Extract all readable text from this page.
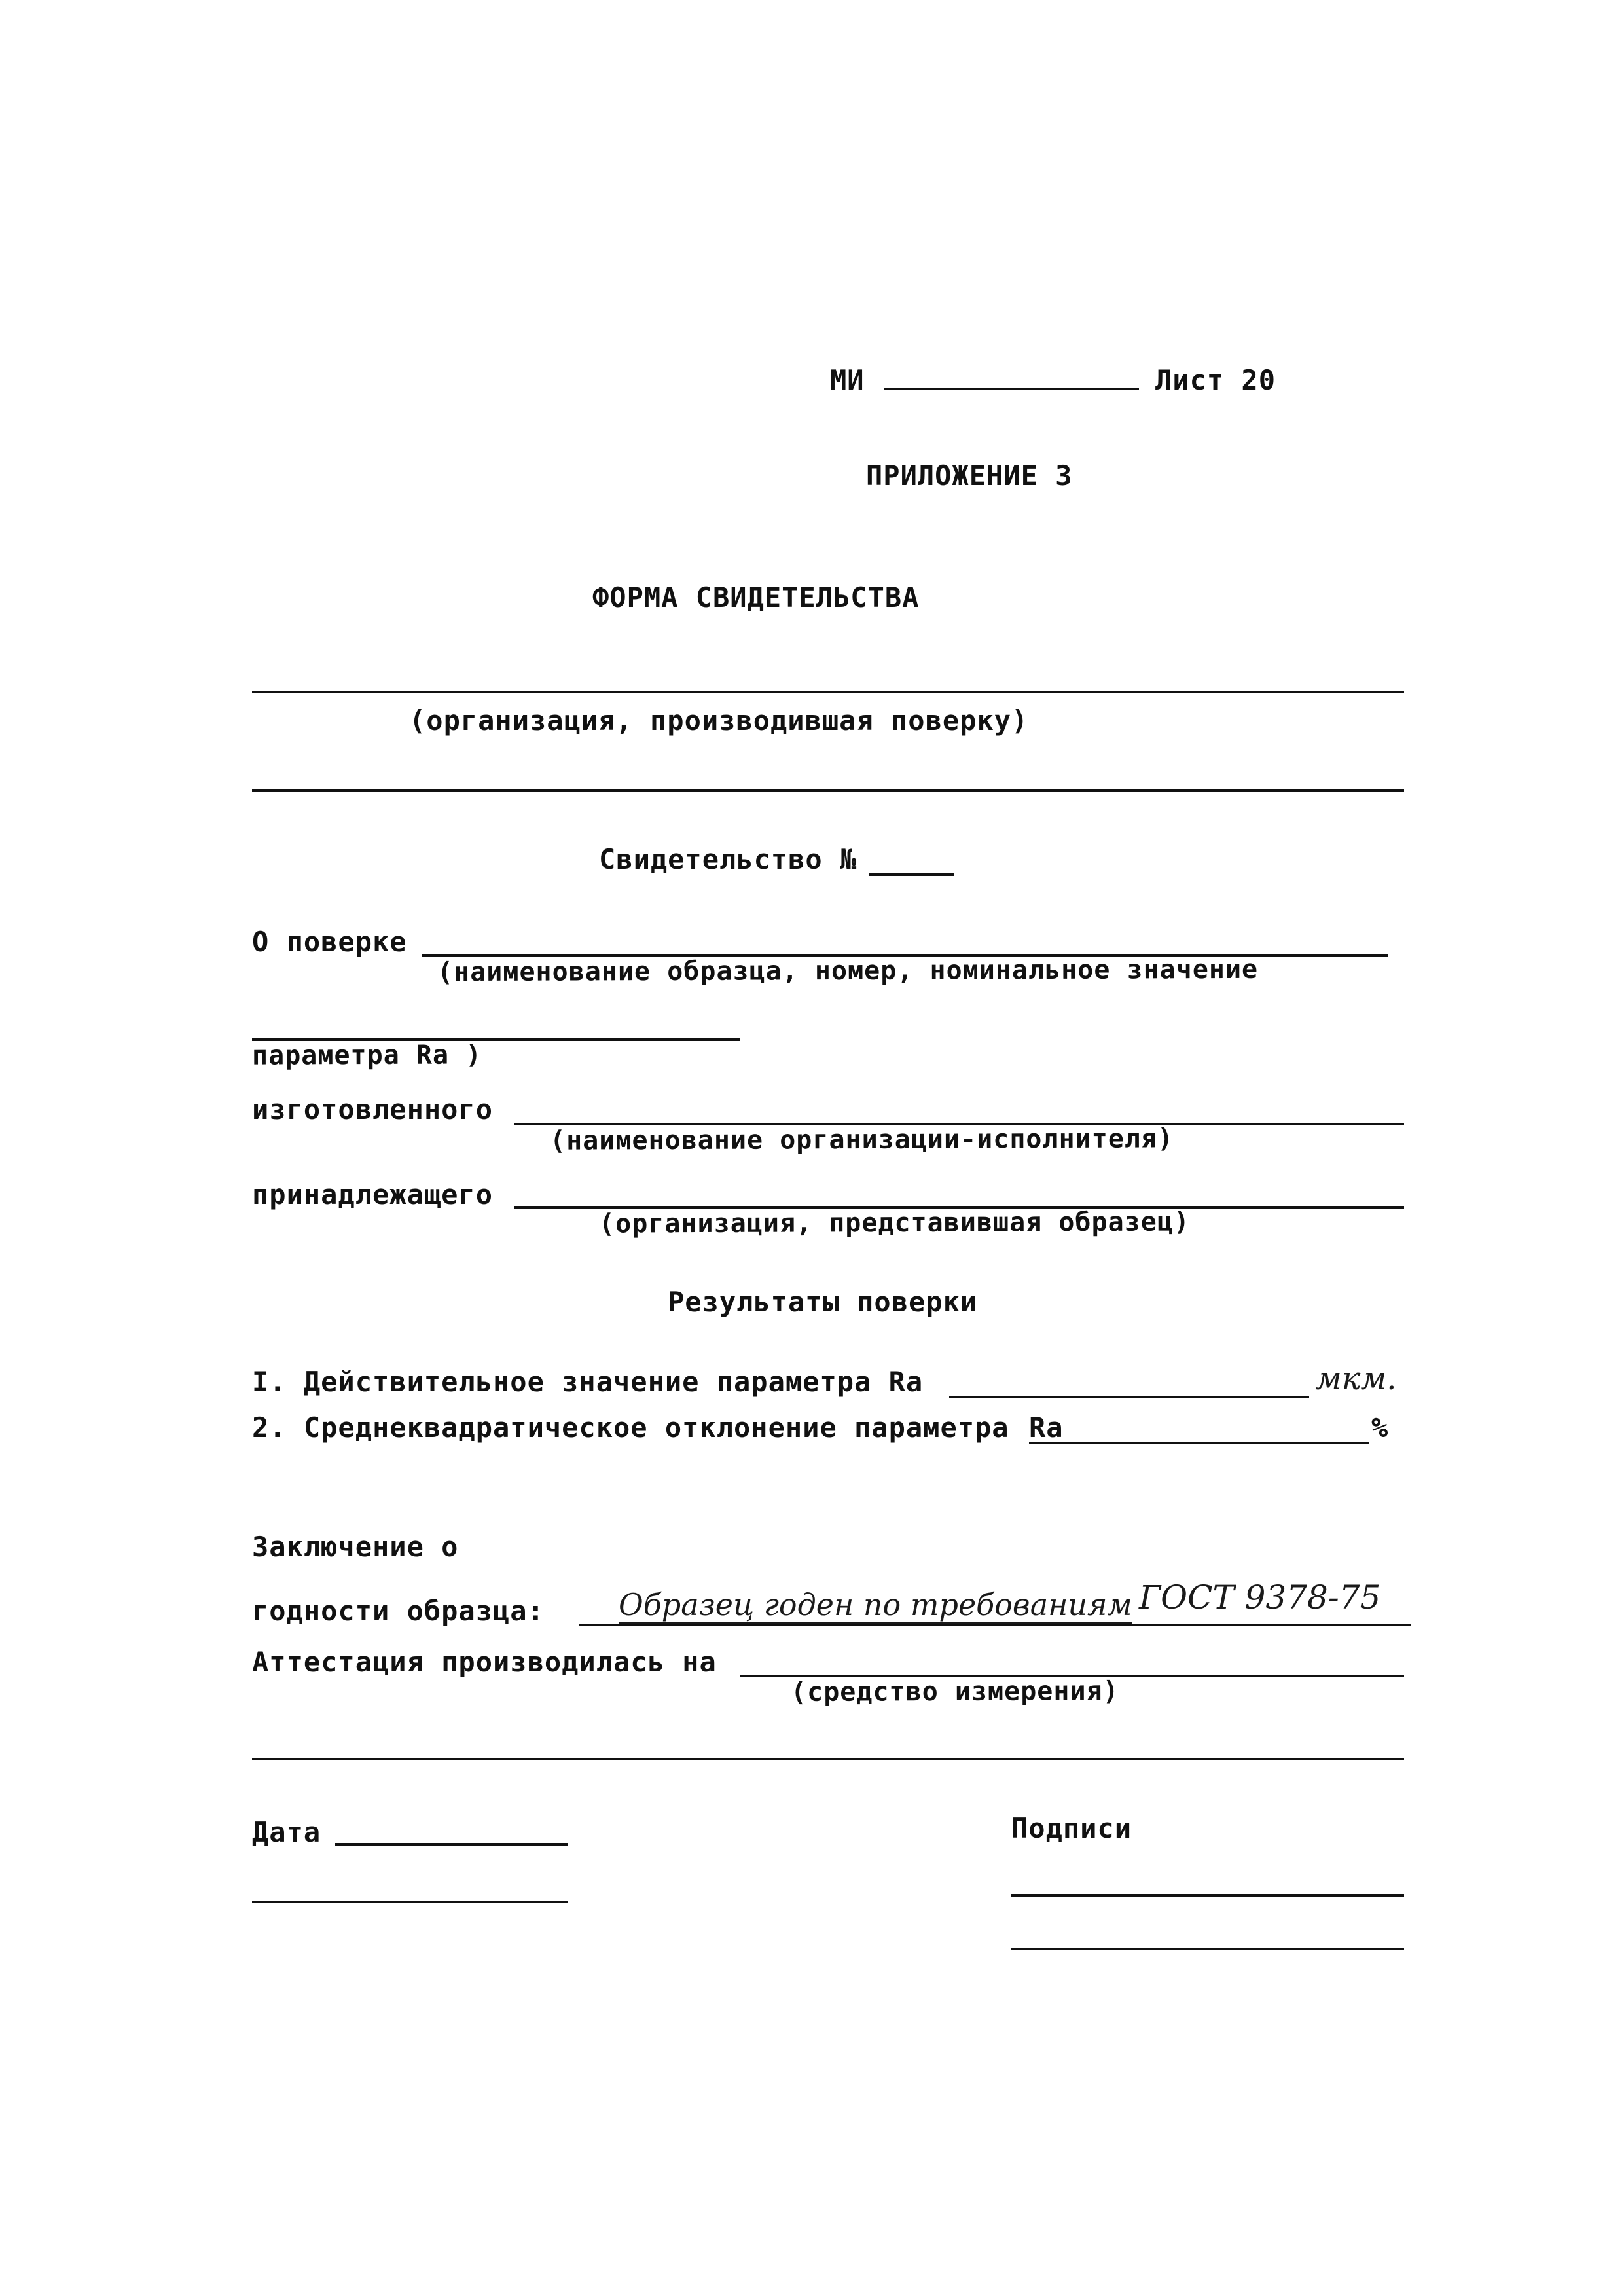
МИ	Лист 20
ПРИЛОЖЕНИЕ 3
ФОРМА СВИДЕТЕЛЬСТВА
(организация, производившая поверку)
Свидетельство №
О поверке
(наименование образца, номер, номинальное значение
параметра Ra )
изготовленного
(наименование организации-исполнителя)
принадлежащего
(организация, представившая образец)
Результаты поверки
I. Действительное значение параметра Ra	мкм.
2. Среднеквадратическое отклонение параметра Ra	%
Заключение о
годности образца: Образец годен по требованиям ГОСТ 9378-75
Аттестация производилась на
(средство измерения)
Дата	Подписи
